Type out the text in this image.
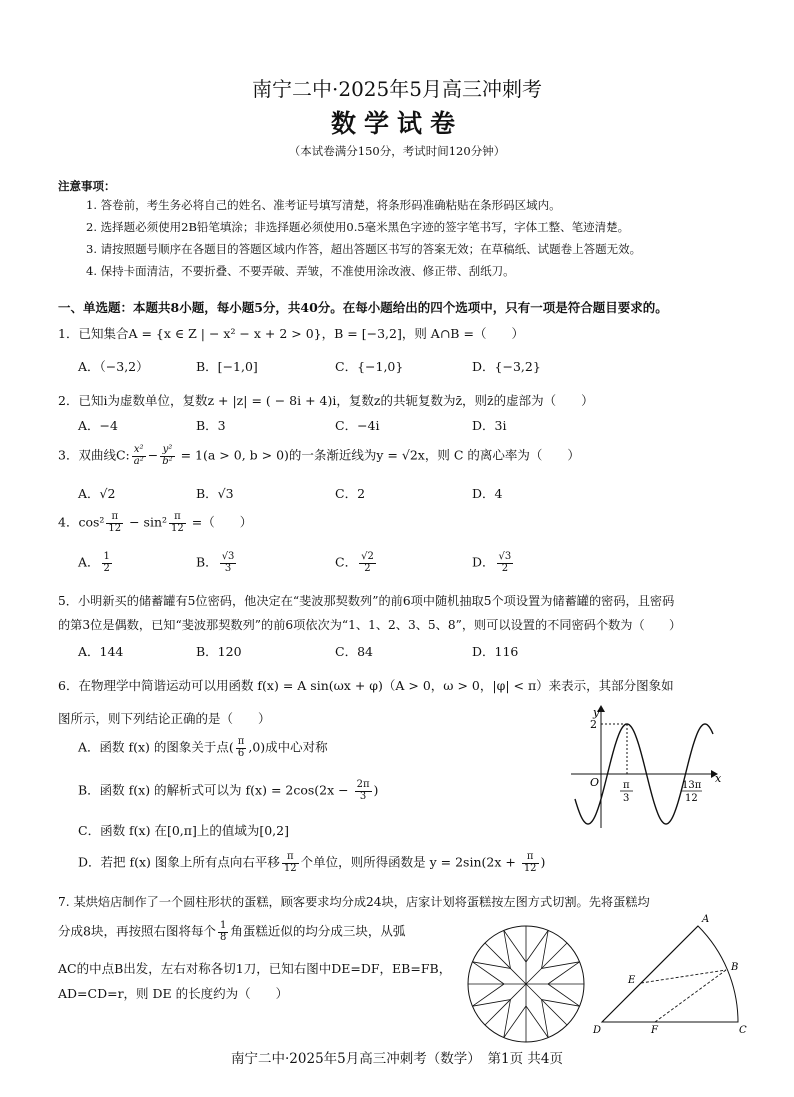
南宁二中·2025年5月高三冲刺考
数学试卷
（本试卷满分150分，考试时间120分钟）
注意事项：
1. 答卷前，考生务必将自己的姓名、准考证号填写清楚，将条形码准确粘贴在条形码区域内。
2. 选择题必须使用2B铅笔填涂；非选择题必须使用0.5毫米黑色字迹的签字笔书写，字体工整、笔迹清楚。
3. 请按照题号顺序在各题目的答题区域内作答，超出答题区书写的答案无效；在草稿纸、试题卷上答题无效。
4. 保持卡面清洁，不要折叠、不要弄破、弄皱，不准使用涂改液、修正带、刮纸刀。
一、单选题：本题共8小题，每小题5分，共40分。在每小题给出的四个选项中，只有一项是符合题目要求的。
1．已知集合A = {x ∈ Z | − x² − x + 2 > 0}，B = [−3,2]，则 A∩B =（　　）
A．（−3,2）	B．[−1,0]	C．{−1,0}	D．{−3,2}
2．已知i为虚数单位，复数z + |z| = ( − 8i + 4)i，复数z的共轭复数为z̄，则z̄的虚部为（　　）
A．−4	B．3	C．−4i	D．3i
3．双曲线C: $\frac{\text{x²}}{\text{a²}} - \frac{\text{y²}}{\text{b²}} = 1(a > 0$, b > 0)的一条渐近线为y = √2x，则 C 的离心率为（　　）
A．√2	B．√3	C．2	D．4
4．$\cos^2 \frac{\pi}{12} - \sin^2 \frac{\pi}{12}$ =（　　）
A． $\frac{1}{2}$	B． $\frac{√3}{3}$	C． $\frac{√2}{2}$	D． $\frac{√3}{2}$
5．小明新买的储蓄罐有5位密码，他决定在“斐波那契数列”的前6项中随机抽取5个项设置为储蓄罐的密码，且密码
的第3位是偶数，已知“斐波那契数列”的前6项依次为“1、1、2、3、5、8”，则可以设置的不同密码个数为（　　）
A．144	B．120	C．84	D．116
6．在物理学中简谐运动可以用函数 f(x) = A sin(ωx + φ)（A > 0，ω > 0，|φ| < π）来表示，其部分图象如
图所示，则下列结论正确的是（　　）
A．函数 f(x) 的图象关于点( $\frac{\pi}{6} ,0$)成中心对称
B．函数 f(x) 的解析式可以为 $f(x) = 2\cos(2x - \frac{2\pi}{3}$ )
C．函数 f(x) 在[0,π]上的值域为[0,2]
D．若把 f(x) 图象上所有点向右平移 $\frac{\pi}{12}$ 个单位，则所得函数是 $y = 2\sin(2x + \frac{\pi}{12}$ )
y
x
O
2
π
3
13π
12
7. 某烘焙店制作了一个圆柱形状的蛋糕，顾客要求均分成24块，店家计划将蛋糕按左图方式切割。先将蛋糕均
分成8块，再按照右图将每个 $\frac{1}{8}$ 角蛋糕近似的均分成三块，从弧
AC的中点B出发，左右对称各切1刀，已知右图中DE=DF，EB=FB，
AD=CD=r，则 DE 的长度约为（　　）
A
B
C
D
E
F
南宁二中·2025年5月高三冲刺考（数学）　第1页 共4页
